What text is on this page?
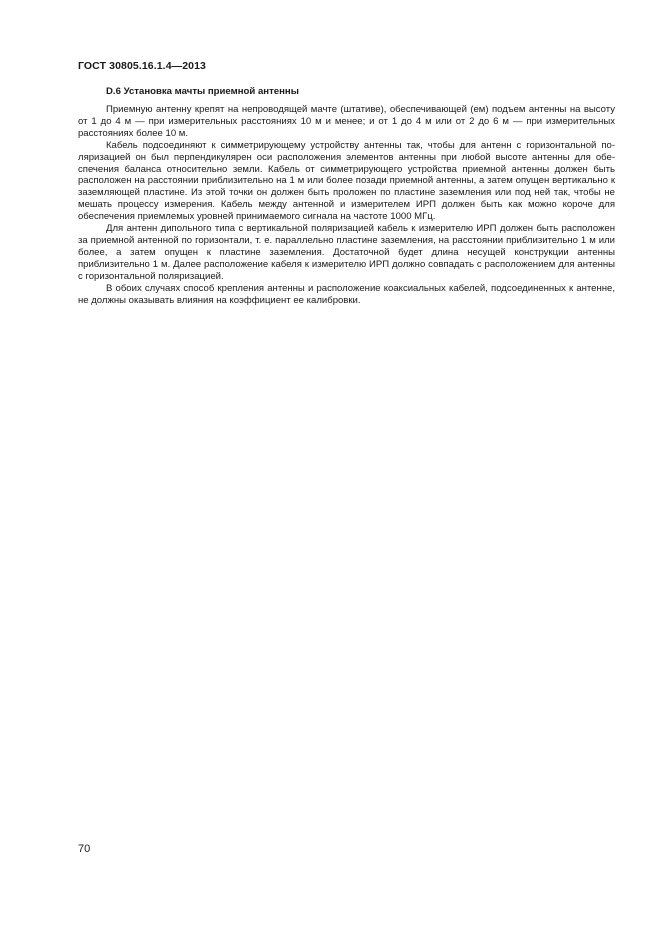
ГОСТ 30805.16.1.4—2013
D.6 Установка мачты приемной антенны

Приемную антенну крепят на непроводящей мачте (штативе), обеспечивающей (ем) подъем антенны на высоту от 1 до 4 м — при измерительных расстояниях 10 м и менее; и от 1 до 4 м или от 2 до 6 м — при измерительных расстояниях более 10 м.

Кабель подсоединяют к симметрирующему устройству антенны так, чтобы для антенн с горизонтальной поляризацией он был перпендикулярен оси расположения элементов антенны при любой высоте антенны для обеспечения баланса относительно земли. Кабель от симметрирующего устройства приемной антенны должен быть расположен на расстоянии приблизительно на 1 м или более позади приемной антенны, а затем опущен вертикально к заземляющей пластине. Из этой точки он должен быть проложен по пластине заземления или под ней так, чтобы не мешать процессу измерения. Кабель между антенной и измерителем ИРП должен быть как можно короче для обеспечения приемлемых уровней принимаемого сигнала на частоте 1000 МГц.

Для антенн дипольного типа с вертикальной поляризацией кабель к измерителю ИРП должен быть расположен за приемной антенной по горизонтали, т. е. параллельно пластине заземления, на расстоянии приблизительно 1 м или более, а затем опущен к пластине заземления. Достаточной будет длина несущей конструкции антенны приблизительно 1 м. Далее расположение кабеля к измерителю ИРП должно совпадать с расположением для антенны с горизонтальной поляризацией.

В обоих случаях способ крепления антенны и расположение коаксиальных кабелей, подсоединенных к антенне, не должны оказывать влияния на коэффициент ее калибровки.

70
